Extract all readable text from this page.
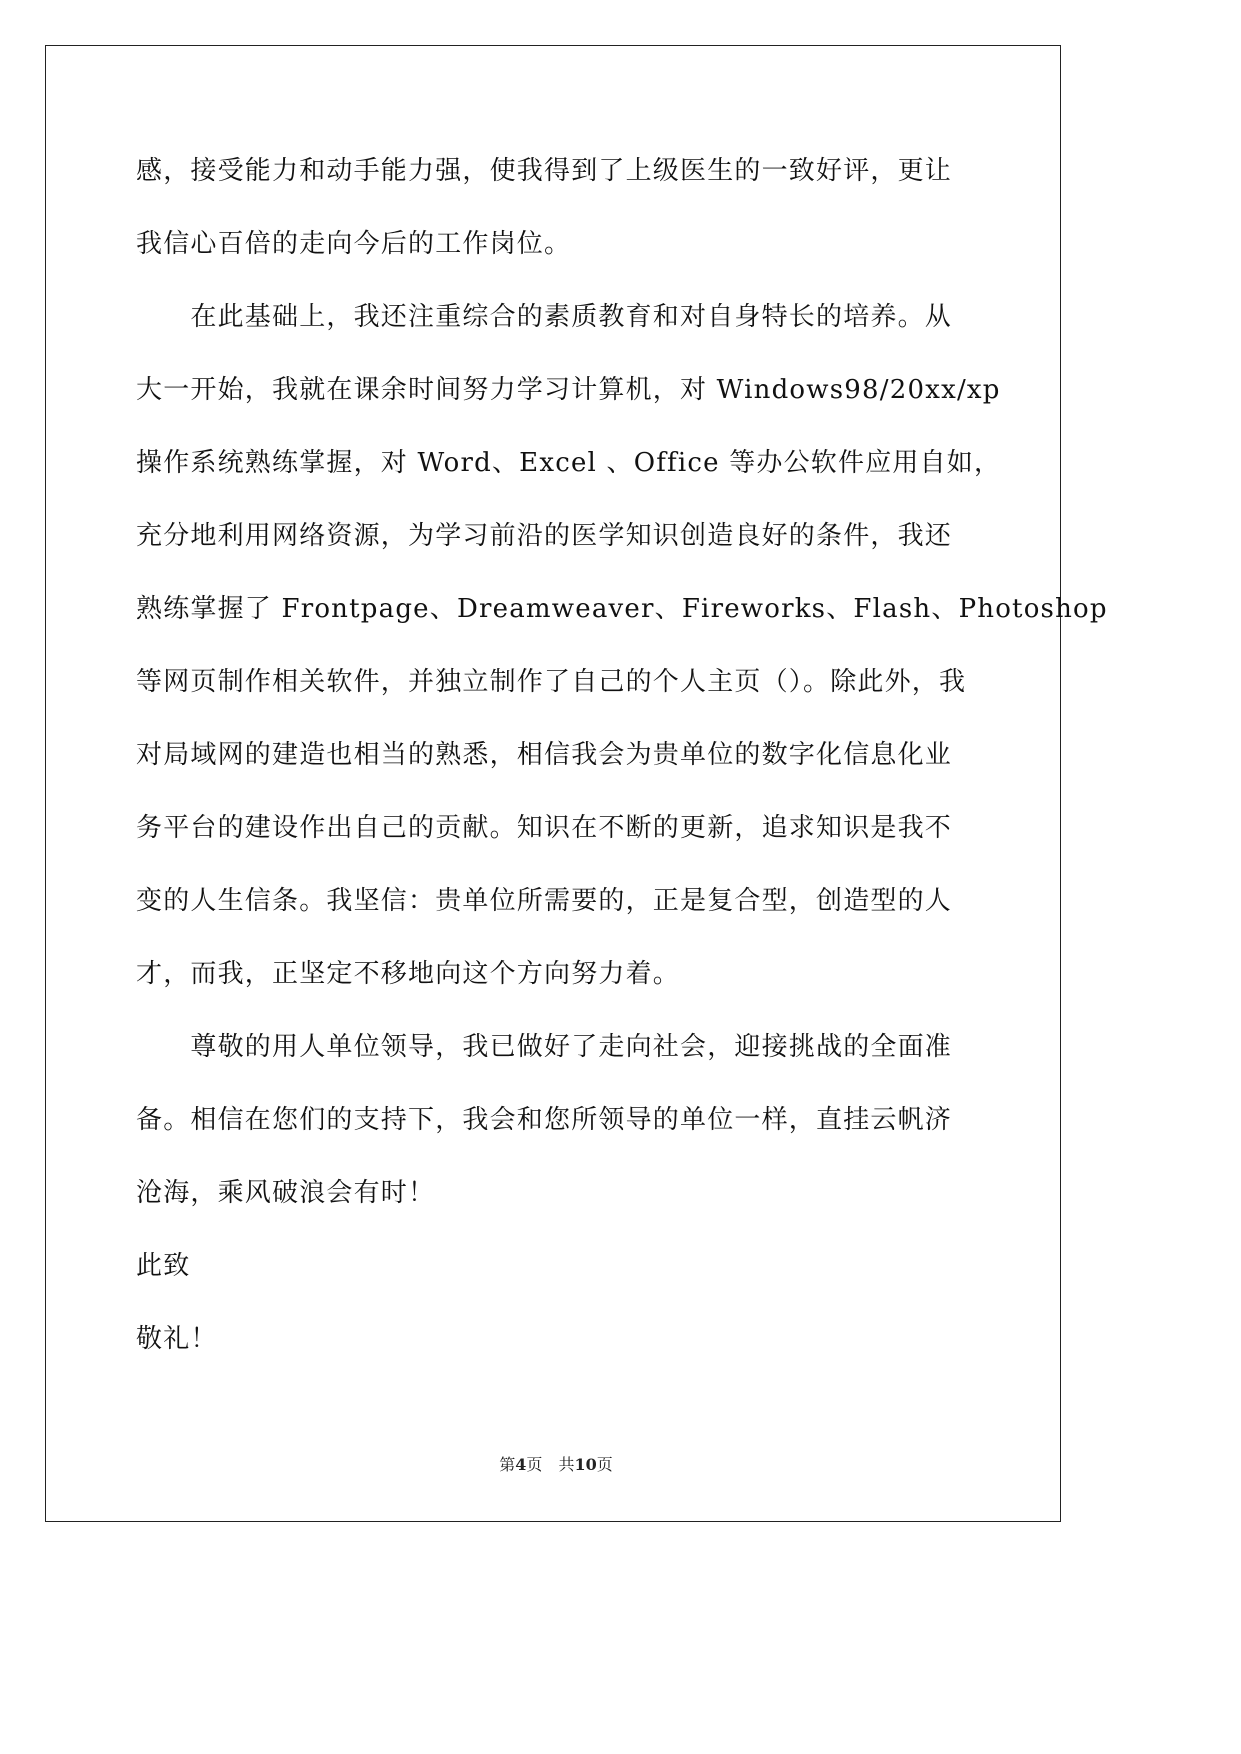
感，接受能力和动手能力强，使我得到了上级医生的一致好评，更让
我信心百倍的走向今后的工作岗位。
　　在此基础上，我还注重综合的素质教育和对自身特长的培养。从
大一开始，我就在课余时间努力学习计算机，对 Windows98/20xx/xp
操作系统熟练掌握，对 Word、Excel 、Office 等办公软件应用自如，
充分地利用网络资源，为学习前沿的医学知识创造良好的条件，我还
熟练掌握了 Frontpage、Dreamweaver、Fireworks、Flash、Photoshop
等网页制作相关软件，并独立制作了自己的个人主页（）。除此外，我
对局域网的建造也相当的熟悉，相信我会为贵单位的数字化信息化业
务平台的建设作出自己的贡献。知识在不断的更新，追求知识是我不
变的人生信条。我坚信：贵单位所需要的，正是复合型，创造型的人
才，而我，正坚定不移地向这个方向努力着。
　　尊敬的用人单位领导，我已做好了走向社会，迎接挑战的全面准
备。相信在您们的支持下，我会和您所领导的单位一样，直挂云帆济
沧海，乘风破浪会有时！
此致
敬礼！
第4页 共10页
